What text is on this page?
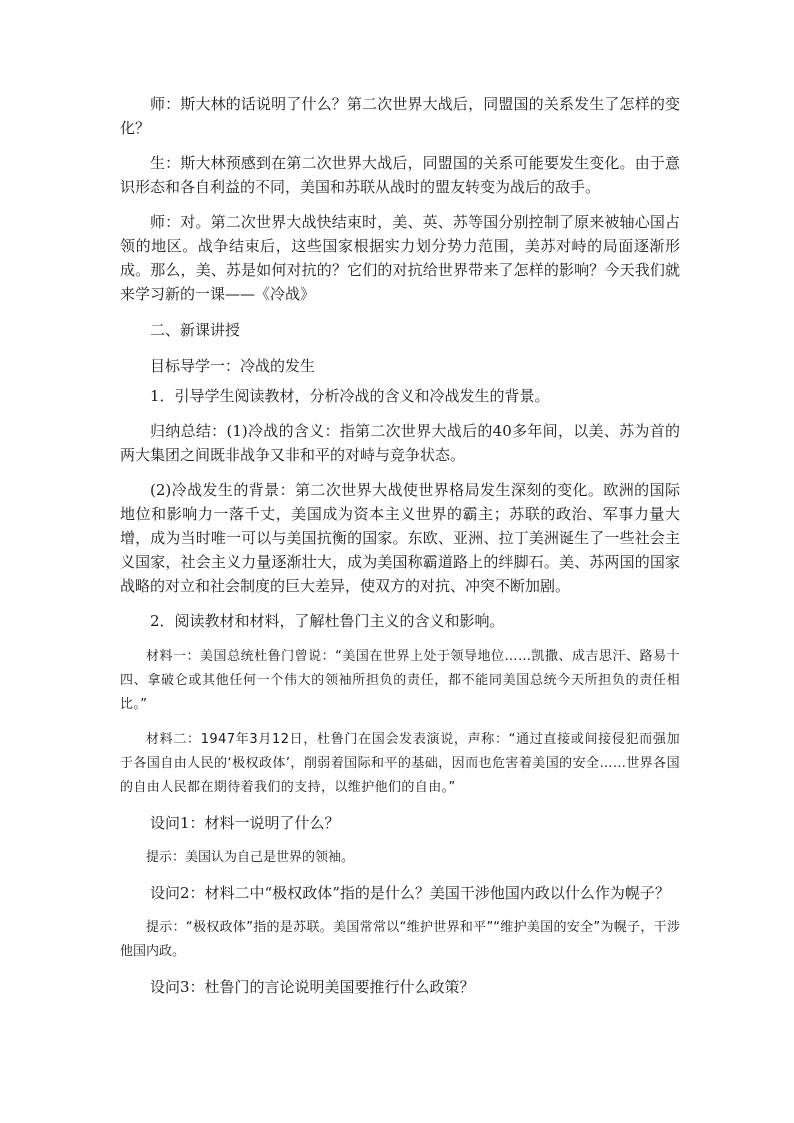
师：斯大林的话说明了什么？第二次世界大战后，同盟国的关系发生了怎样的变化？

生：斯大林预感到在第二次世界大战后，同盟国的关系可能要发生变化。由于意识形态和各自利益的不同，美国和苏联从战时的盟友转变为战后的敌手。

师：对。第二次世界大战快结束时，美、英、苏等国分别控制了原来被轴心国占领的地区。战争结束后，这些国家根据实力划分势力范围，美苏对峙的局面逐渐形成。那么，美、苏是如何对抗的？它们的对抗给世界带来了怎样的影响？今天我们就来学习新的一课——《冷战》

二、新课讲授

目标导学一：冷战的发生

1．引导学生阅读教材，分析冷战的含义和冷战发生的背景。

归纳总结：(1)冷战的含义：指第二次世界大战后的40多年间，以美、苏为首的两大集团之间既非战争又非和平的对峙与竞争状态。

(2)冷战发生的背景：第二次世界大战使世界格局发生深刻的变化。欧洲的国际地位和影响力一落千丈，美国成为资本主义世界的霸主；苏联的政治、军事力量大增，成为当时唯一可以与美国抗衡的国家。东欧、亚洲、拉丁美洲诞生了一些社会主义国家，社会主义力量逐渐壮大，成为美国称霸道路上的绊脚石。美、苏两国的国家战略的对立和社会制度的巨大差异，使双方的对抗、冲突不断加剧。

2．阅读教材和材料，了解杜鲁门主义的含义和影响。

材料一：美国总统杜鲁门曾说：“美国在世界上处于领导地位……凯撒、成吉思汗、路易十四、拿破仑或其他任何一个伟大的领袖所担负的责任，都不能同美国总统今天所担负的责任相比。”

材料二：1947年3月12日，杜鲁门在国会发表演说，声称：“通过直接或间接侵犯而强加于各国自由人民的‘极权政体’，削弱着国际和平的基础，因而也危害着美国的安全……世界各国的自由人民都在期待着我们的支持，以维护他们的自由。”

设问1：材料一说明了什么？

提示：美国认为自己是世界的领袖。

设问2：材料二中“极权政体”指的是什么？美国干涉他国内政以什么作为幌子？

提示：“极权政体”指的是苏联。美国常常以“维护世界和平”“维护美国的安全”为幌子，干涉他国内政。

设问3：杜鲁门的言论说明美国要推行什么政策？
